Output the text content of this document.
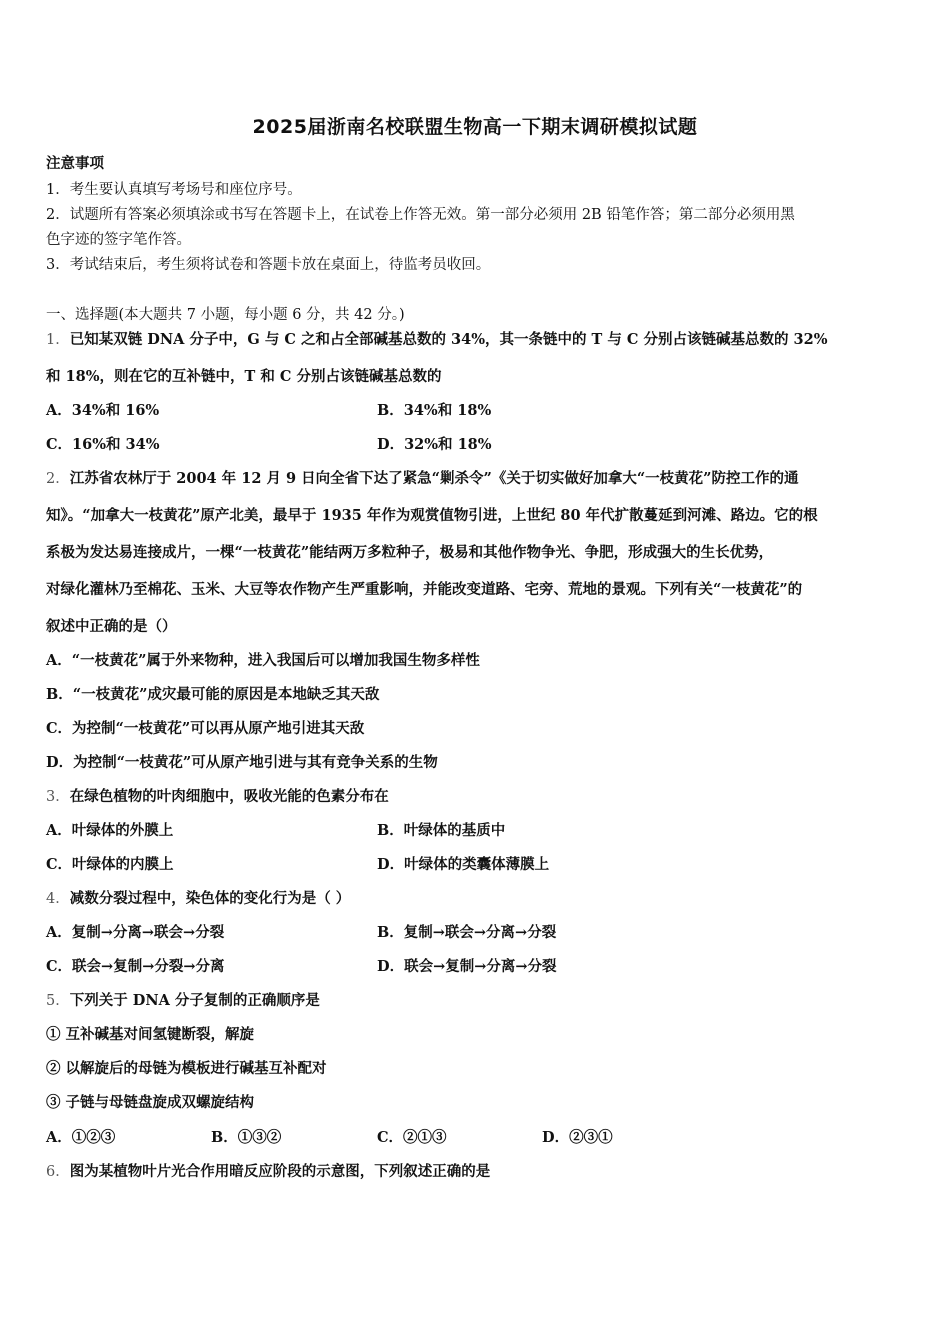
2025届浙南名校联盟生物高一下期末调研模拟试题
注意事项
1．考生要认真填写考场号和座位序号。
2．试题所有答案必须填涂或书写在答题卡上，在试卷上作答无效。第一部分必须用 2B 铅笔作答；第二部分必须用黑
色字迹的签字笔作答。
3．考试结束后，考生须将试卷和答题卡放在桌面上，待监考员收回。
一、选择题(本大题共 7 小题，每小题 6 分，共 42 分。)
1．已知某双链 DNA 分子中，G 与 C 之和占全部碱基总数的 34%，其一条链中的 T 与 C 分别占该链碱基总数的 32%
和 18%，则在它的互补链中，T 和 C 分别占该链碱基总数的
A．34%和 16%	B．34%和 18%
C．16%和 34%	D．32%和 18%
2．江苏省农林厅于 2004 年 12 月 9 日向全省下达了紧急“剿杀令”《关于切实做好加拿大“一枝黄花”防控工作的通
知》。“加拿大一枝黄花”原产北美，最早于 1935 年作为观赏值物引进，上世纪 80 年代扩散蔓延到河滩、路边。它的根
系极为发达易连接成片，一棵“一枝黄花”能结两万多粒种子，极易和其他作物争光、争肥，形成强大的生长优势，
对绿化灌林乃至棉花、玉米、大豆等农作物产生严重影响，并能改变道路、宅旁、荒地的景观。下列有关“一枝黄花”的
叙述中正确的是（）
A．“一枝黄花”属于外来物种，进入我国后可以增加我国生物多样性
B．“一枝黄花”成灾最可能的原因是本地缺乏其天敌
C．为控制“一枝黄花”可以再从原产地引进其天敌
D．为控制“一枝黄花”可从原产地引进与其有竞争关系的生物
3．在绿色植物的叶肉细胞中，吸收光能的色素分布在
A．叶绿体的外膜上	B．叶绿体的基质中
C．叶绿体的内膜上	D．叶绿体的类囊体薄膜上
4．减数分裂过程中，染色体的变化行为是（ ）
A．复制→分离→联会→分裂	B．复制→联会→分离→分裂
C．联会→复制→分裂→分离	D．联会→复制→分离→分裂
5．下列关于 DNA 分子复制的正确顺序是
① 互补碱基对间氢键断裂，解旋
② 以解旋后的母链为模板进行碱基互补配对
③ 子链与母链盘旋成双螺旋结构
A．①②③	B．①③②	C．②①③	D．②③①
6．图为某植物叶片光合作用暗反应阶段的示意图，下列叙述正确的是
